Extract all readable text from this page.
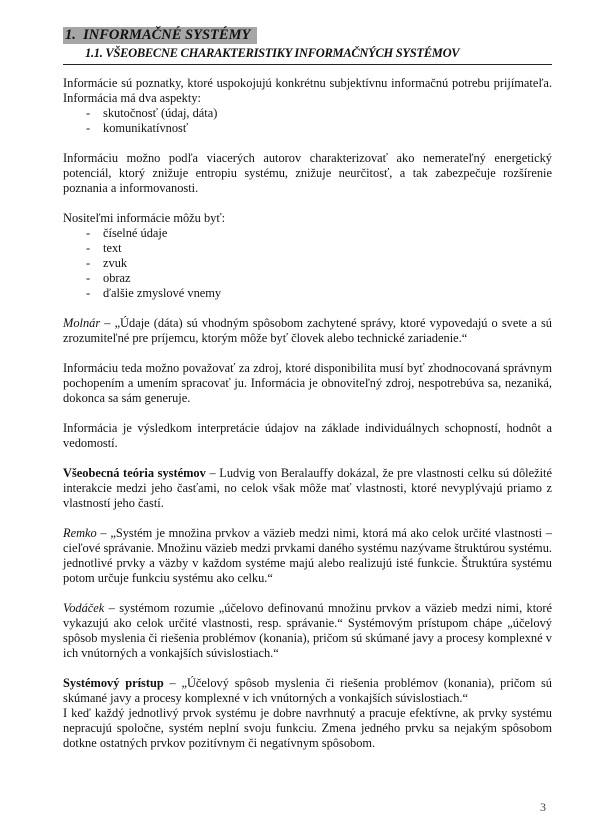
1. INFORMAČNÉ SYSTÉMY
1.1. VŠEOBECNE CHARAKTERISTIKY INFORMAČNÝCH SYSTÉMOV

Informácie sú poznatky, ktoré uspokojujú konkrétnu subjektívnu informačnú potrebu prijímateľa. Informácia má dva aspekty:

- skutočnosť (údaj, dáta)
- komunikatívnosť

Informáciu možno podľa viacerých autorov charakterizovať ako nemerateľný energetický potenciál, ktorý znižuje entropiu systému, znižuje neurčitosť, a tak zabezpečuje rozšírenie poznania a informovanosti.

Nositeľmi informácie môžu byť:

- číselné údaje
- text
- zvuk
- obraz
- ďalšie zmyslové vnemy

Molnár – „Údaje (dáta) sú vhodným spôsobom zachytené správy, ktoré vypovedajú o svete a sú zrozumiteľné pre príjemcu, ktorým môže byť človek alebo technické zariadenie.“

Informáciu teda možno považovať za zdroj, ktoré disponibilita musí byť zhodnocovaná správnym pochopením a umením spracovať ju. Informácia je obnoviteľný zdroj, nespotrebúva sa, nezaniká, dokonca sa sám generuje.

Informácia je výsledkom interpretácie údajov na základe individuálnych schopností, hodnôt a vedomostí.

Všeobecná teória systémov – Ludvig von Beralauffy dokázal, že pre vlastnosti celku sú dôležité interakcie medzi jeho časťami, no celok však môže mať vlastnosti, ktoré nevyplývajú priamo z vlastností jeho častí.

Remko – „Systém je množina prvkov a väzieb medzi nimi, ktorá má ako celok určité vlastnosti – cieľové správanie. Množinu väzieb medzi prvkami daného systému nazývame štruktúrou systému. jednotlivé prvky a väzby v každom systéme majú alebo realizujú isté funkcie. Štruktúra systému potom určuje funkciu systému ako celku.“

Vodáček – systémom rozumie „účelovo definovanú množinu prvkov a väzieb medzi nimi, ktoré vykazujú ako celok určité vlastnosti, resp. správanie.“ Systémovým prístupom chápe „účelový spôsob myslenia či riešenia problémov (konania), pričom sú skúmané javy a procesy komplexné v ich vnútorných a vonkajších súvislostiach.“

Systémový prístup – „Účelový spôsob myslenia či riešenia problémov (konania), pričom sú skúmané javy a procesy komplexné v ich vnútorných a vonkajších súvislostiach.“

I keď každý jednotlivý prvok systému je dobre navrhnutý a pracuje efektívne, ak prvky systému nepracujú spoločne, systém neplní svoju funkciu. Zmena jedného prvku sa nejakým spôsobom dotkne ostatných prvkov pozitívnym či negatívnym spôsobom.

3
